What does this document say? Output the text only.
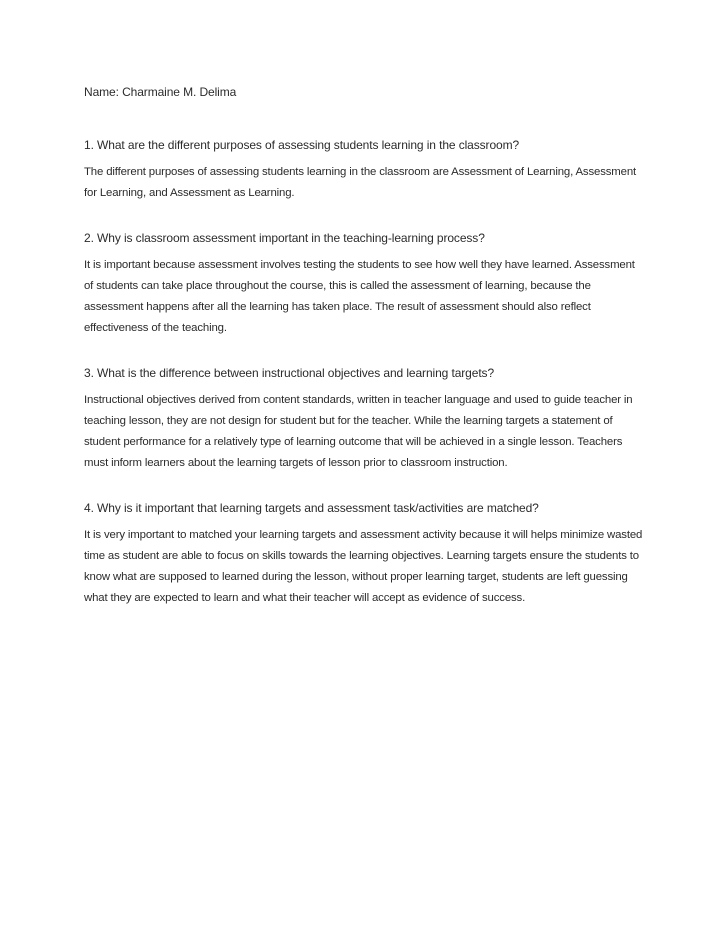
Name: Charmaine M. Delima

1. What are the different purposes of assessing students learning in the classroom?

The different purposes of assessing students learning in the classroom are Assessment of Learning, Assessment for Learning, and Assessment as Learning.

2. Why is classroom assessment important in the teaching-learning process?

It is important because assessment involves testing the students to see how well they have learned. Assessment of students can take place throughout the course, this is called the assessment of learning, because the assessment happens after all the learning has taken place. The result of assessment should also reflect effectiveness of the teaching.

3. What is the difference between instructional objectives and learning targets?

Instructional objectives derived from content standards, written in teacher language and used to guide teacher in teaching lesson, they are not design for student but for the teacher. While the learning targets a statement of student performance for a relatively type of learning outcome that will be achieved in a single lesson. Teachers must inform learners about the learning targets of lesson prior to classroom instruction.

4. Why is it important that learning targets and assessment task/activities are matched?

It is very important to matched your learning targets and assessment activity because it will helps minimize wasted time as student are able to focus on skills towards the learning objectives. Learning targets ensure the students to know what are supposed to learned during the lesson, without proper learning target, students are left guessing what they are expected to learn and what their teacher will accept as evidence of success.
